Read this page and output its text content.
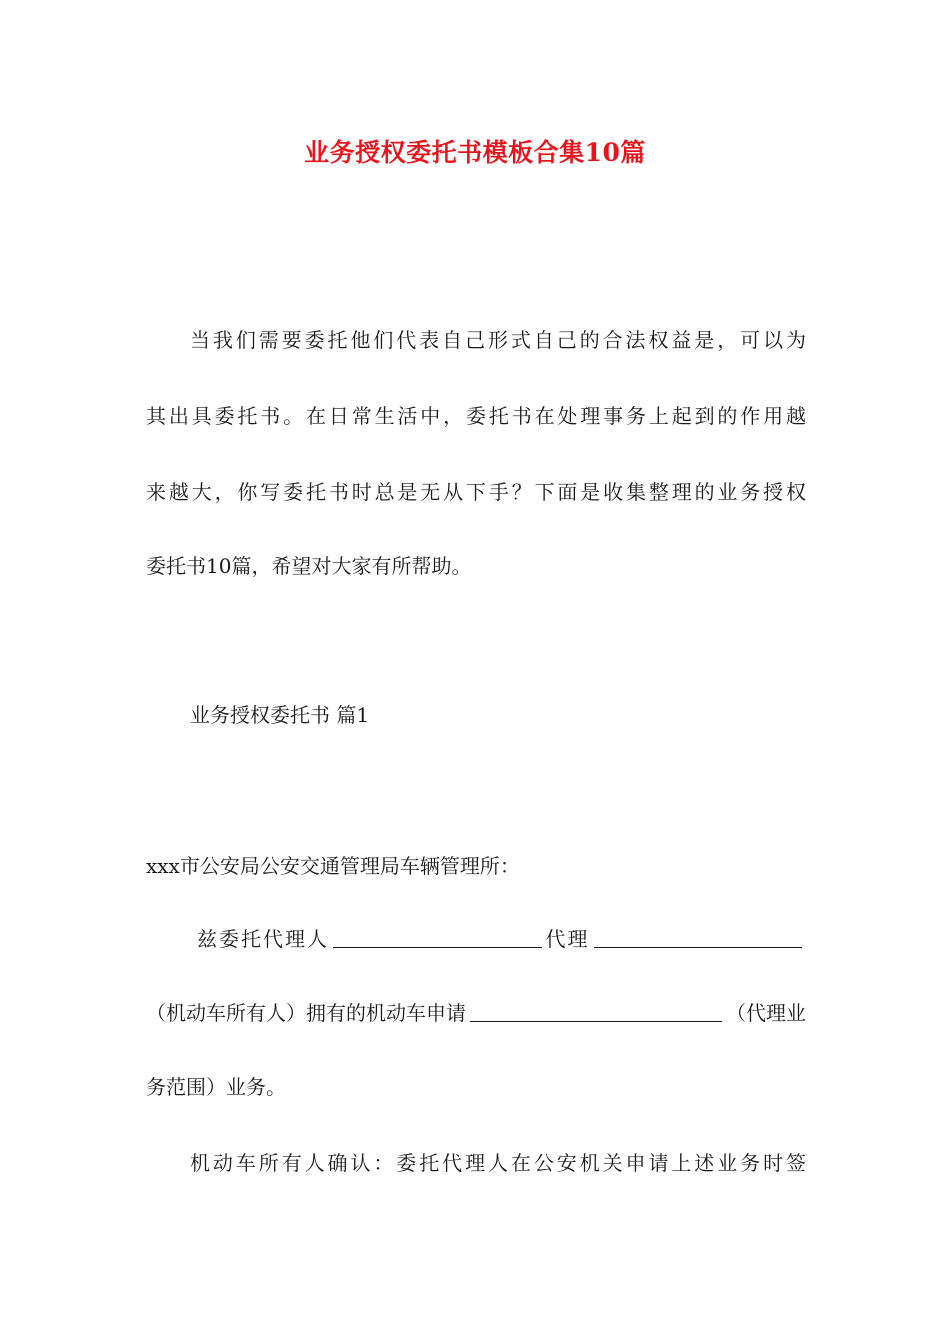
业务授权委托书模板合集10篇
当我们需要委托他们代表自己形式自己的合法权益是，可以为
其出具委托书。在日常生活中，委托书在处理事务上起到的作用越
来越大，你写委托书时总是无从下手？下面是收集整理的业务授权
委托书10篇，希望对大家有所帮助。
业务授权委托书 篇1
xxx市公安局公安交通管理局车辆管理所：
兹委托代理人	代理
（机动车所有人）拥有的机动车申请	（代理业
务范围）业务。
机动车所有人确认：委托代理人在公安机关申请上述业务时签
